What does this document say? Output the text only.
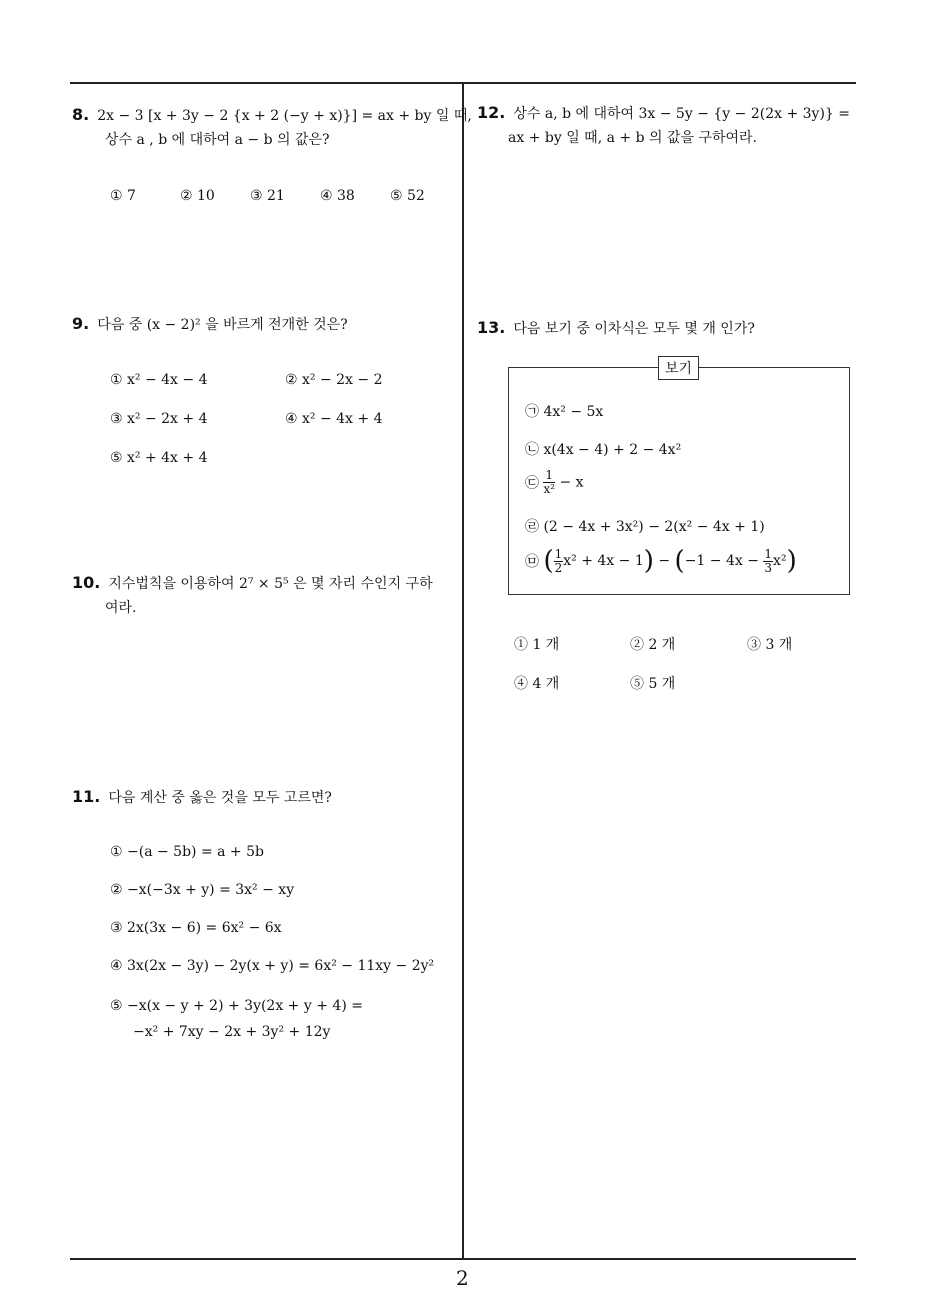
2
8. 2x − 3 [x + 3y − 2 {x + 2 (−y + x)}] = ax + by 일 때,
상수 a , b 에 대하여 a − b 의 값은?
① 7	② 10	③ 21	④ 38	⑤ 52
9. 다음 중 (x − 2)² 을 바르게 전개한 것은?
① x² − 4x − 4	② x² − 2x − 2
③ x² − 2x + 4	④ x² − 4x + 4
⑤ x² + 4x + 4
10. 지수법칙을 이용하여 2⁷ × 5⁵ 은 몇 자리 수인지 구하
여라.
11. 다음 계산 중 옳은 것을 모두 고르면?
① −(a − 5b) = a + 5b
② −x(−3x + y) = 3x² − xy
③ 2x(3x − 6) = 6x² − 6x
④ 3x(2x − 3y) − 2y(x + y) = 6x² − 11xy − 2y²
⑤ −x(x − y + 2) + 3y(2x + y + 4) =
−x² + 7xy − 2x + 3y² + 12y
12. 상수 a, b 에 대하여 3x − 5y − {y − 2(2x + 3y)} =
ax + by 일 때, a + b 의 값을 구하여라.
13. 다음 보기 중 이차식은 모두 몇 개 인가?
보기
㉠ 4x² − 5x
㉡ x(4x − 4) + 2 − 4x²
㉢ $\frac{1}{\text{x²}} - x$
㉣ (2 − 4x + 3x²) − 2(x² − 4x + 1)
㉤ ( $\frac{1}{2} x^2 + 4x - 1) - (-1 - 4x - \frac{1}{3} x^2)$
① 1 개	② 2 개	③ 3 개
④ 4 개	⑤ 5 개
